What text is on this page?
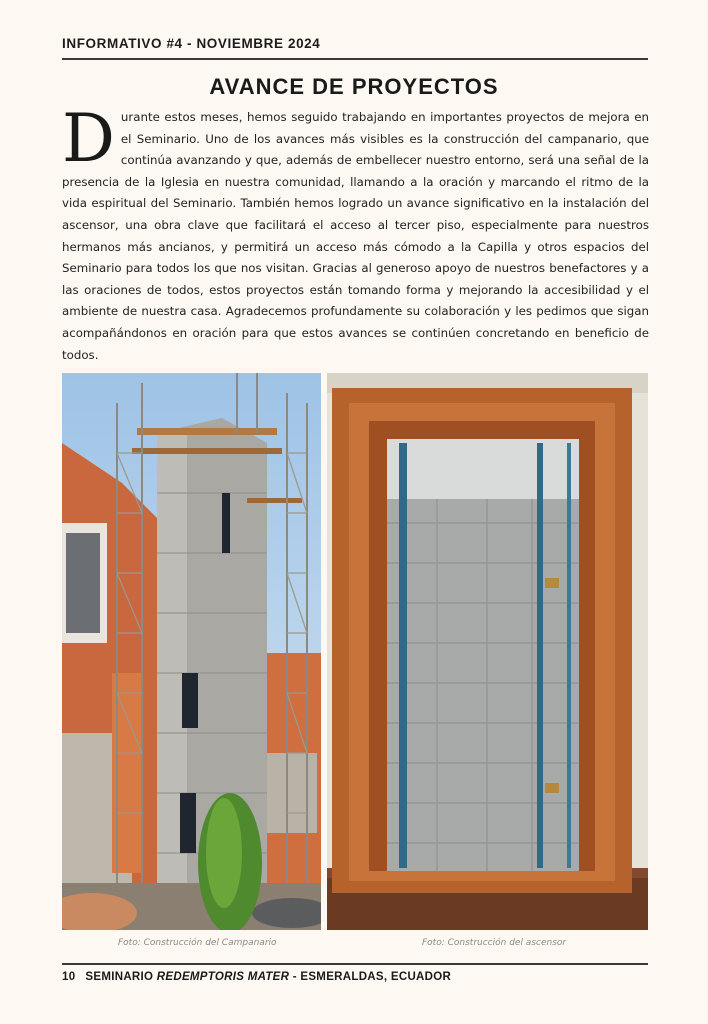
INFORMATIVO #4 - NOVIEMBRE 2024
AVANCE DE PROYECTOS
D urante estos meses, hemos seguido trabajando en importantes proyectos de mejora en el Seminario. Uno de los avances más visibles es la construcción del campanario, que continúa avanzando y que, además de embellecer nuestro entorno, será una señal de la presencia de la Iglesia en nuestra comunidad, llamando a la oración y marcando el ritmo de la vida espiritual del Seminario. También hemos logrado un avance significativo en la instalación del ascensor, una obra clave que facilitará el acceso al tercer piso, especialmente para nuestros hermanos más ancianos, y permitirá un acceso más cómodo a la Capilla y otros espacios del Seminario para todos los que nos visitan. Gracias al generoso apoyo de nuestros benefactores y a las oraciones de todos, estos proyectos están tomando forma y mejorando la accesibilidad y el ambiente de nuestra casa. Agradecemos profundamente su colaboración y les pedimos que sigan acompañándonos en oración para que estos avances se continúen concretando en beneficio de todos.
Foto: Construcción del Campanario	Foto: Construcción del ascensor
10 SEMINARIO REDEMPTORIS MATER - ESMERALDAS, ECUADOR
